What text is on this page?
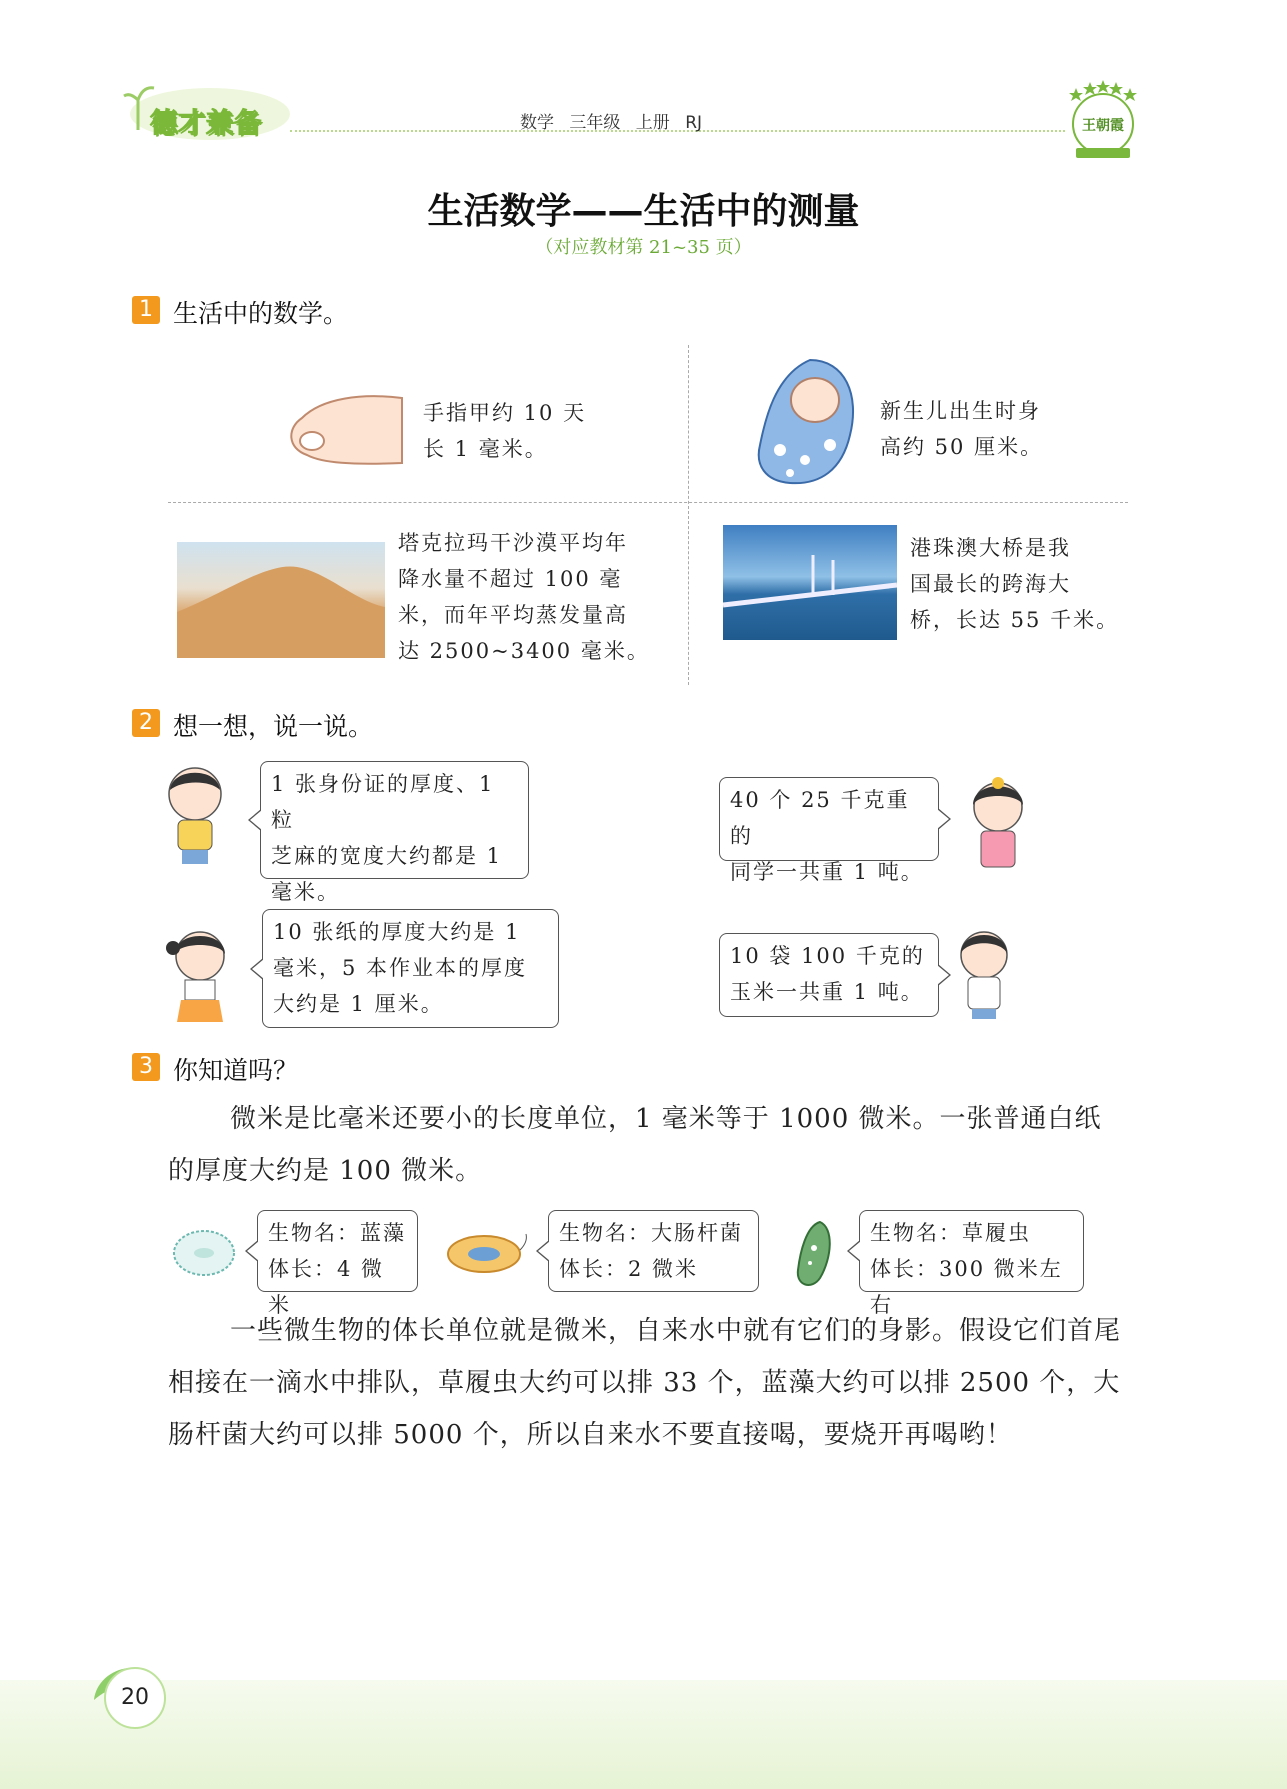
德才兼备	数学 三年级 上册 RJ	王朝霞
生活数学——生活中的测量
（对应教材第 21~35 页）
1 生活中的数学。
手指甲约 10 天
长 1 毫米。
新生儿出生时身
高约 50 厘米。
塔克拉玛干沙漠平均年
降水量不超过 100 毫
米，而年平均蒸发量高
达 2500~3400 毫米。
港珠澳大桥是我
国最长的跨海大
桥，长达 55 千米。
2 想一想，说一说。
1 张身份证的厚度、1 粒
芝麻的宽度大约都是 1
毫米。
40 个 25 千克重的
同学一共重 1 吨。
10 张纸的厚度大约是 1
毫米，5 本作业本的厚度
大约是 1 厘米。
10 袋 100 千克的
玉米一共重 1 吨。
3 你知道吗？
微米是比毫米还要小的长度单位，1 毫米等于 1000 微米。一张普通白纸的厚度大约是 100 微米。
生物名：蓝藻
体长：4 微米
生物名：大肠杆菌
体长：2 微米
生物名：草履虫
体长：300 微米左右
一些微生物的体长单位就是微米，自来水中就有它们的身影。假设它们首尾相接在一滴水中排队，草履虫大约可以排 33 个，蓝藻大约可以排 2500 个，大肠杆菌大约可以排 5000 个，所以自来水不要直接喝，要烧开再喝哟！
20
